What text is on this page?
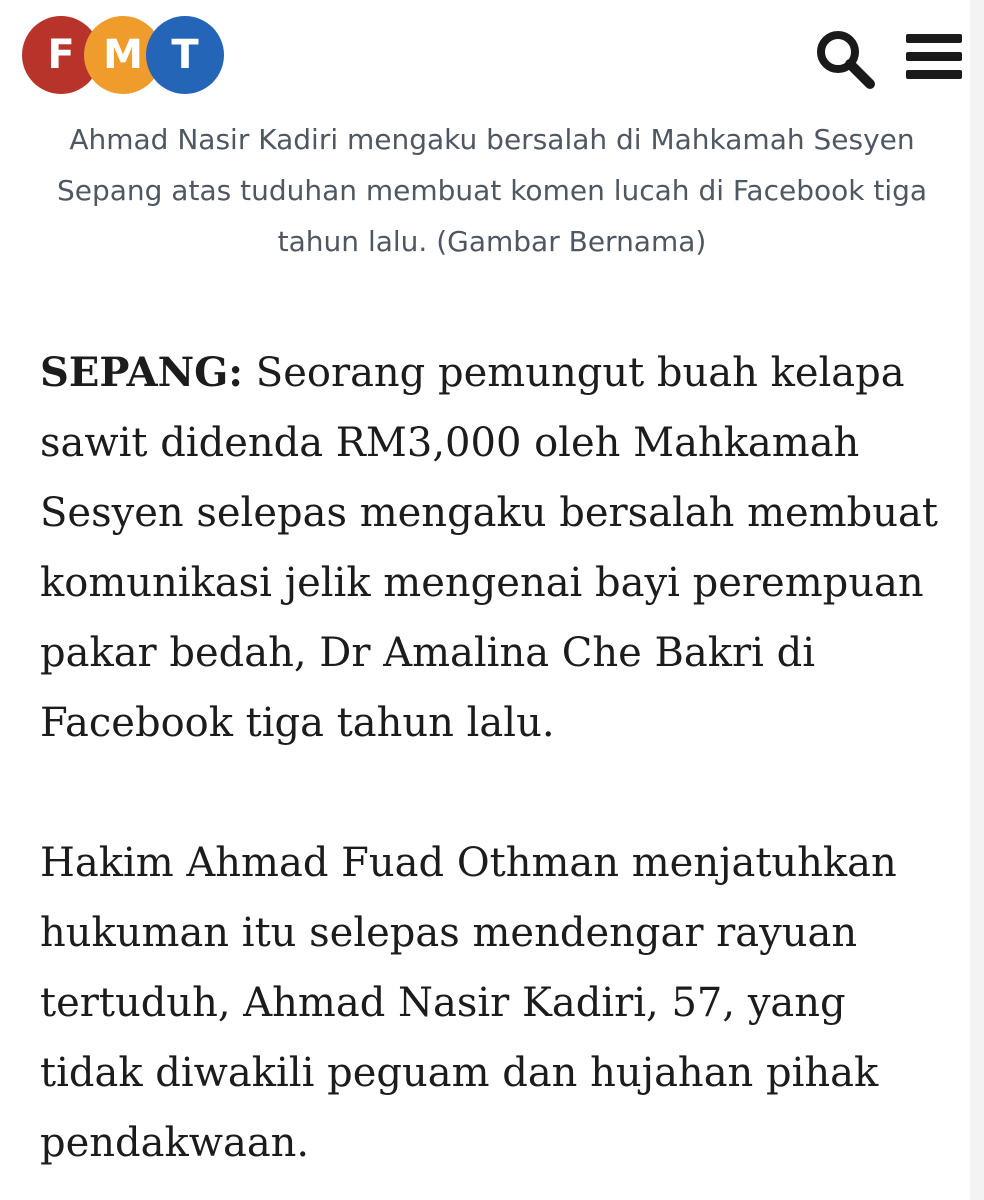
F M T

Ahmad Nasir Kadiri mengaku bersalah di Mahkamah Sesyen Sepang atas tuduhan membuat komen lucah di Facebook tiga tahun lalu. (Gambar Bernama)

SEPANG: Seorang pemungut buah kelapa sawit didenda RM3,000 oleh Mahkamah Sesyen selepas mengaku bersalah membuat komunikasi jelik mengenai bayi perempuan pakar bedah, Dr Amalina Che Bakri di Facebook tiga tahun lalu.

Hakim Ahmad Fuad Othman menjatuhkan hukuman itu selepas mendengar rayuan tertuduh, Ahmad Nasir Kadiri, 57, yang tidak diwakili peguam dan hujahan pihak pendakwaan.
